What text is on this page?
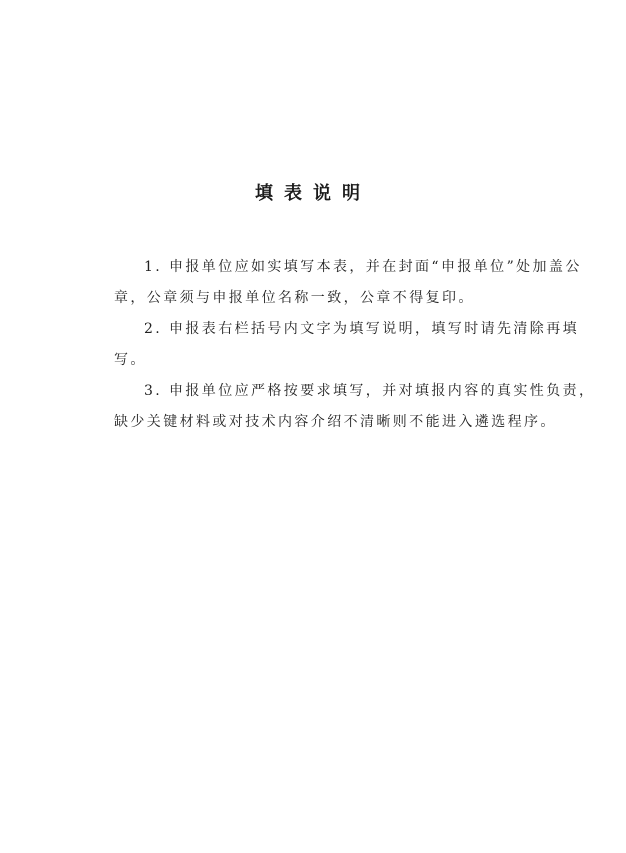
填表说明
1. 申报单位应如实填写本表，并在封面“申报单位”处加盖公
章，公章须与申报单位名称一致，公章不得复印。
2. 申报表右栏括号内文字为填写说明，填写时请先清除再填
写。
3. 申报单位应严格按要求填写，并对填报内容的真实性负责，
缺少关键材料或对技术内容介绍不清晰则不能进入遴选程序。
